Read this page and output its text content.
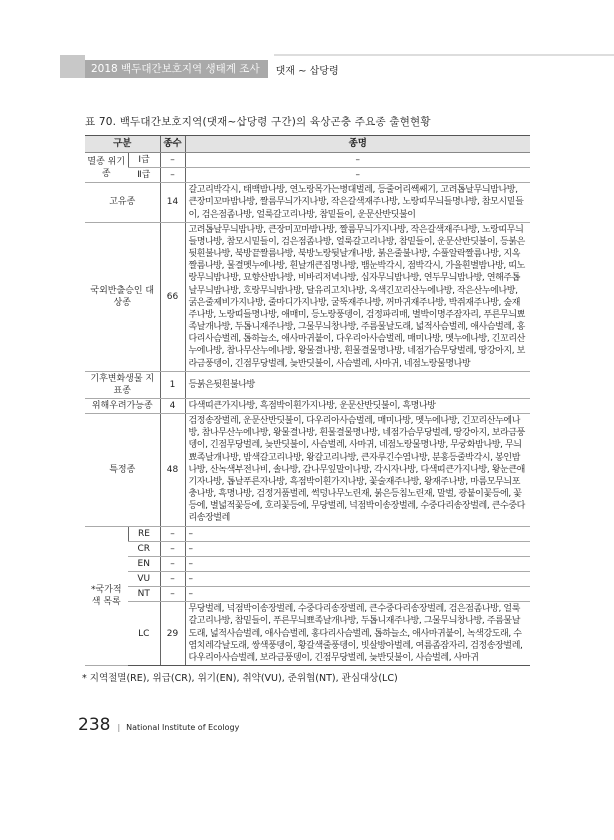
2018 백두대간보호지역 생태계 조사	댓재 ~ 삽당령
표 70. 백두대간보호지역(댓재~삽당령 구간)의 육상곤충 주요종 출현현황
구분		종수	종명
멸종 위기종	Ⅰ급	–	–
	Ⅱ급	–	–
고유종		14	갈고리박각시, 태백밤나방, 연노랑목가는병대벌레, 등줄어리쌕쌔기, 고려톱날무늬밤나방, 큰장미꼬마밤나방, 짤름무늬가지나방, 작은갈색재주나방, 노랑띠무늬들명나방, 참모시밑들이, 검은점좀나방, 얼룩갈고리나방, 참밑들이, 운문산반딧불이
국외반출승인 대상종		66	고려톱날무늬밤나방, 큰장미꼬마밤나방, 짤름무늬가지나방, 작은갈색재주나방, 노랑띠무늬들명나방, 참모시밑들이, 검은점좀나방, 얼룩갈고리나방, 참밑들이, 운문산반딧불이, 등붉은뒷흰불나방, 북방끝짤름나방, 북방노랑뒷날개나방, 붉은줄불나방, 수풀알락짤름나방, 지옥짤름나방, 물결멧누에나방, 흰날개큰집명나방, 뱀눈박각시, 점박각시, 가을흰별밤나방, 띠노랑무늬밤나방, 묘향산밤나방, 비바리저녁나방, 십자무늬밤나방, 연두무늬밤나방, 연해주톱날무늬밤나방, 호랑무늬밤나방, 달유리고치나방, 옥색긴꼬리산누에나방, 작은산누에나방, 굵은줄제비가지나방, 줄마디가지나방, 굴뚝재주나방, 꺼마귀재주나방, 박쥐재주나방, 숲재주나방, 노랑띠들명나방, 애매미, 등노랑풍뎅이, 검정파리매, 별박이명주잠자리, 푸른무늬뾰족날개나방, 두톱니재주나방, 그물무늬창나방, 주름물날도래, 넓적사슴벌레, 애사슴벌레, 홍다리사슴벌레, 톱하늘소, 애사마귀붙이, 다우리아사슴벌레, 매미나방, 멧누에나방, 긴꼬리산누에나방, 참나무산누에나방, 왕물결나방, 흰물결물명나방, 네점가슴무당벌레, 땅강아지, 보라금풍뎅이, 긴점무당벌레, 늦반딧불이, 사슴벌레, 사마귀, 네점노랑물명나방
기후변화생물 지표종		1	등붉은뒷흰불나방
위해우려가능종		4	다색띠큰가지나방, 흑점박이흰가지나방, 운문산반딧불이, 흑명나방
특정종		48	검정송장벌레, 운문산반딧불이, 다우리아사슴벌레, 매미나방, 멧누에나방, 긴꼬리산누에나방, 참나무산누에나방, 왕물결나방, 흰물결물명나방, 네점가슴무당벌레, 땅강아지, 보라금풍뎅이, 긴점무당벌레, 늦반딧불이, 사슴벌레, 사마귀, 네점노랑물명나방, 무궁화밤나방, 무늬뾰족날개나방, 밤색갈고리나방, 왕갈고리나방, 큰자루긴수염나방, 분홍등줄박각시, 봉인밤나방, 산녹색부전나비, 솔나방, 감나무잎말이나방, 각시자나방, 다색띠큰가지나방, 왕눈큰애기자나방, 톱날푸른자나방, 흑점박이흰가지나방, 꽃술재주나방, 왕재주나방, 마름모무늬포충나방, 흑명나방, 검정거품벌레, 썩덩나무노린재, 붉은등침노린재, 말벌, 광붙이꽃등에, 꽃등에, 별넓적꽃등에, 호리꽃등에, 무당벌레, 넉점박이송장벌레, 수중다리송장벌레, 큰수중다리송장벌레
*국가적색 목록	RE	–	–
	CR	–	–
	EN	–	–
	VU	–	–
	NT	–	–
	LC	29	무당벌레, 넉점박이송장벌레, 수중다리송장벌레, 큰수중다리송장벌레, 검은점좀나방, 얼룩갈고리나방, 참밑들이, 푸른무늬뾰족날개나방, 두톱니재주나방, 그물무늬창나방, 주름물날도래, 넓적사슴벌레, 애사슴벌레, 홍다리사슴벌레, 톱하늘소, 애사마귀붙이, 녹색강도래, 수염치레각날도래, 쌍색풍뎅이, 황갈색줄풍뎅이, 빗살방아벌레, 여름좀잠자리, 검정송장벌레, 다우리아사슴벌레, 보라금풍뎅이, 긴점무당벌레, 늦반딧불이, 사슴벌레, 사마귀
* 지역절멸(RE), 위급(CR), 위기(EN), 취약(VU), 준위협(NT), 관심대상(LC)
238 | National Institute of Ecology
